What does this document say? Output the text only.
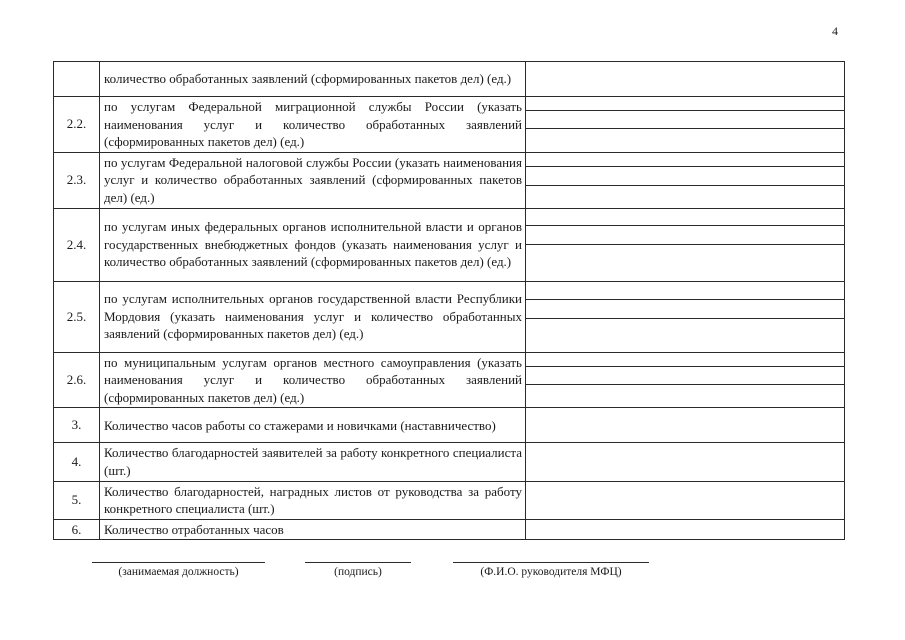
4
	количество обработанных заявлений (сформированных пакетов дел) (ед.)	
2.2.	по услугам Федеральной миграционной службы России (указать наименования услуг и количество обработанных заявлений (сформированных пакетов дел) (ед.)	

2.3.	по услугам Федеральной налоговой службы России (указать наименования услуг и количество обработанных заявлений (сформированных пакетов дел) (ед.)	

2.4.	по услугам иных федеральных органов исполнительной власти и органов государственных внебюджетных фондов (указать наименования услуг и количество обработанных заявлений (сформированных пакетов дел) (ед.)	

2.5.	по услугам исполнительных органов государственной власти Республики Мордовия (указать наименования услуг и количество обработанных заявлений (сформированных пакетов дел) (ед.)	

2.6.	по муниципальным услугам органов местного самоуправления (указать наименования услуг и количество обработанных заявлений (сформированных пакетов дел) (ед.)	

3.	Количество часов работы со стажерами и новичками (наставничество)	
4.	Количество благодарностей заявителей за работу конкретного специалиста (шт.)	
5.	Количество благодарностей, наградных листов от руководства за работу конкретного специалиста (шт.)	
6.	Количество отработанных часов	
(занимаемая должность)	(подпись)	(Ф.И.О. руководителя МФЦ)
